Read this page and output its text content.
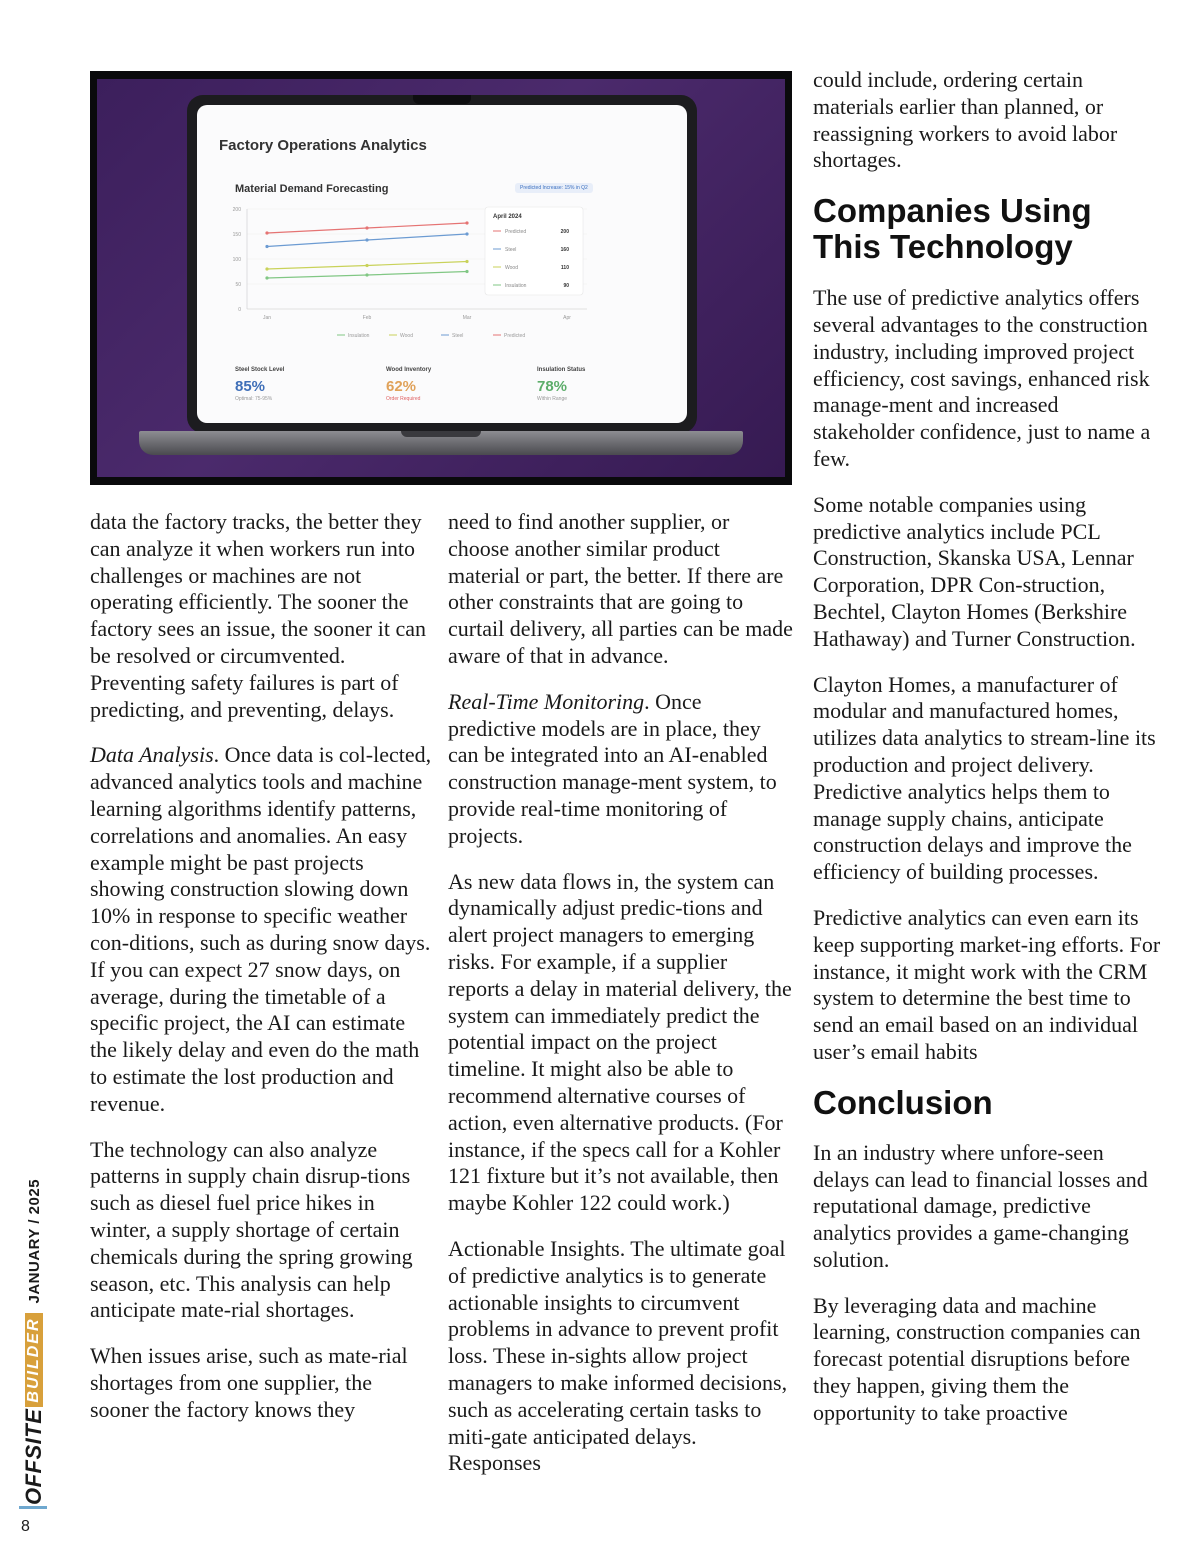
Factory Operations Analytics
Material Demand Forecasting	Predicted Increase: 15% in Q2
200
150
100
50
0
Jan	Feb	Mar	Apr
April 2024
Predicted	200
Steel	160
Wood	110
Insulation	90
Insulation	Wood	Steel	Predicted
Steel Stock Level
85%
Optimal: 75-95%
Wood Inventory
62%
Order Required
Insulation Status
78%
Within Range

data the factory tracks, the better they can analyze it when workers run into challenges or machines are not operating efficiently. The sooner the factory sees an issue, the sooner it can be resolved or circumvented. Preventing safety failures is part of predicting, and preventing, delays.

Data Analysis. Once data is col-lected, advanced analytics tools and machine learning algorithms identify patterns, correlations and anomalies. An easy example might be past projects showing construction slowing down 10% in response to specific weather con-ditions, such as during snow days. If you can expect 27 snow days, on average, during the timetable of a specific project, the AI can estimate the likely delay and even do the math to estimate the lost production and revenue.

The technology can also analyze patterns in supply chain disrup-tions such as diesel fuel price hikes in winter, a supply shortage of certain chemicals during the spring growing season, etc. This analysis can help anticipate mate-rial shortages.

When issues arise, such as mate-rial shortages from one supplier, the sooner the factory knows they

need to find another supplier, or choose another similar product material or part, the better. If there are other constraints that are going to curtail delivery, all parties can be made aware of that in advance.

Real-Time Monitoring. Once predictive models are in place, they can be integrated into an AI-enabled construction manage-ment system, to provide real-time monitoring of projects.

As new data flows in, the system can dynamically adjust predic-tions and alert project managers to emerging risks. For example, if a supplier reports a delay in material delivery, the system can immediately predict the potential impact on the project timeline. It might also be able to recommend alternative courses of action, even alternative products. (For instance, if the specs call for a Kohler 121 fixture but it’s not available, then maybe Kohler 122 could work.)

Actionable Insights. The ultimate goal of predictive analytics is to generate actionable insights to circumvent problems in advance to prevent profit loss. These in-sights allow project managers to make informed decisions, such as accelerating certain tasks to miti-gate anticipated delays. Responses

could include, ordering certain materials earlier than planned, or reassigning workers to avoid labor shortages.

Companies Using This Technology

The use of predictive analytics offers several advantages to the construction industry, including improved project efficiency, cost savings, enhanced risk manage-ment and increased stakeholder confidence, just to name a few.

Some notable companies using predictive analytics include PCL Construction, Skanska USA, Lennar Corporation, DPR Con-struction, Bechtel, Clayton Homes (Berkshire Hathaway) and Turner Construction.

Clayton Homes, a manufacturer of modular and manufactured homes, utilizes data analytics to stream-line its production and project delivery. Predictive analytics helps them to manage supply chains, anticipate construction delays and improve the efficiency of building processes.

Predictive analytics can even earn its keep supporting market-ing efforts. For instance, it might work with the CRM system to determine the best time to send an email based on an individual user’s email habits

Conclusion

In an industry where unfore-seen delays can lead to financial losses and reputational damage, predictive analytics provides a game-changing solution.

By leveraging data and machine learning, construction companies can forecast potential disruptions before they happen, giving them the opportunity to take proactive

OFFSITE
BUILDER
JANUARY / 2025
8
